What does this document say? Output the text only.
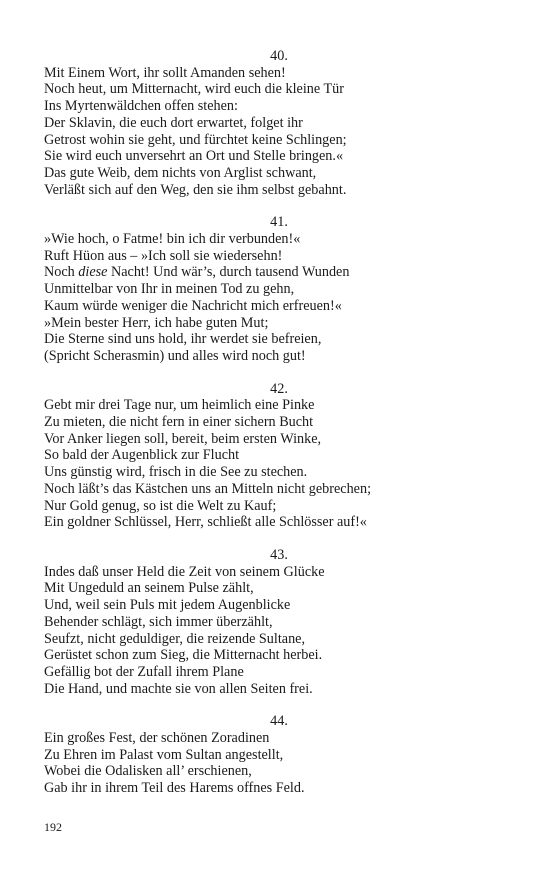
40.

Mit Einem Wort, ihr sollt Amanden sehen!

Noch heut, um Mitternacht, wird euch die kleine Tür

Ins Myrtenwäldchen offen stehen:

Der Sklavin, die euch dort erwartet, folget ihr

Getrost wohin sie geht, und fürchtet keine Schlingen;

Sie wird euch unversehrt an Ort und Stelle bringen.«

Das gute Weib, dem nichts von Arglist schwant,

Verläßt sich auf den Weg, den sie ihm selbst gebahnt.

41.

»Wie hoch, o Fatme! bin ich dir verbunden!«

Ruft Hüon aus – »Ich soll sie wiedersehn!

Noch diese Nacht! Und wär’s, durch tausend Wunden

Unmittelbar von Ihr in meinen Tod zu gehn,

Kaum würde weniger die Nachricht mich erfreuen!«

»Mein bester Herr, ich habe guten Mut;

Die Sterne sind uns hold, ihr werdet sie befreien,

(Spricht Scherasmin) und alles wird noch gut!

42.

Gebt mir drei Tage nur, um heimlich eine Pinke

Zu mieten, die nicht fern in einer sichern Bucht

Vor Anker liegen soll, bereit, beim ersten Winke,

So bald der Augenblick zur Flucht

Uns günstig wird, frisch in die See zu stechen.

Noch läßt’s das Kästchen uns an Mitteln nicht gebrechen;

Nur Gold genug, so ist die Welt zu Kauf;

Ein goldner Schlüssel, Herr, schließt alle Schlösser auf!«

43.

Indes daß unser Held die Zeit von seinem Glücke

Mit Ungeduld an seinem Pulse zählt,

Und, weil sein Puls mit jedem Augenblicke

Behender schlägt, sich immer überzählt,

Seufzt, nicht geduldiger, die reizende Sultane,

Gerüstet schon zum Sieg, die Mitternacht herbei.

Gefällig bot der Zufall ihrem Plane

Die Hand, und machte sie von allen Seiten frei.

44.

Ein großes Fest, der schönen Zoradinen

Zu Ehren im Palast vom Sultan angestellt,

Wobei die Odalisken all’ erschienen,

Gab ihr in ihrem Teil des Harems offnes Feld.

192
